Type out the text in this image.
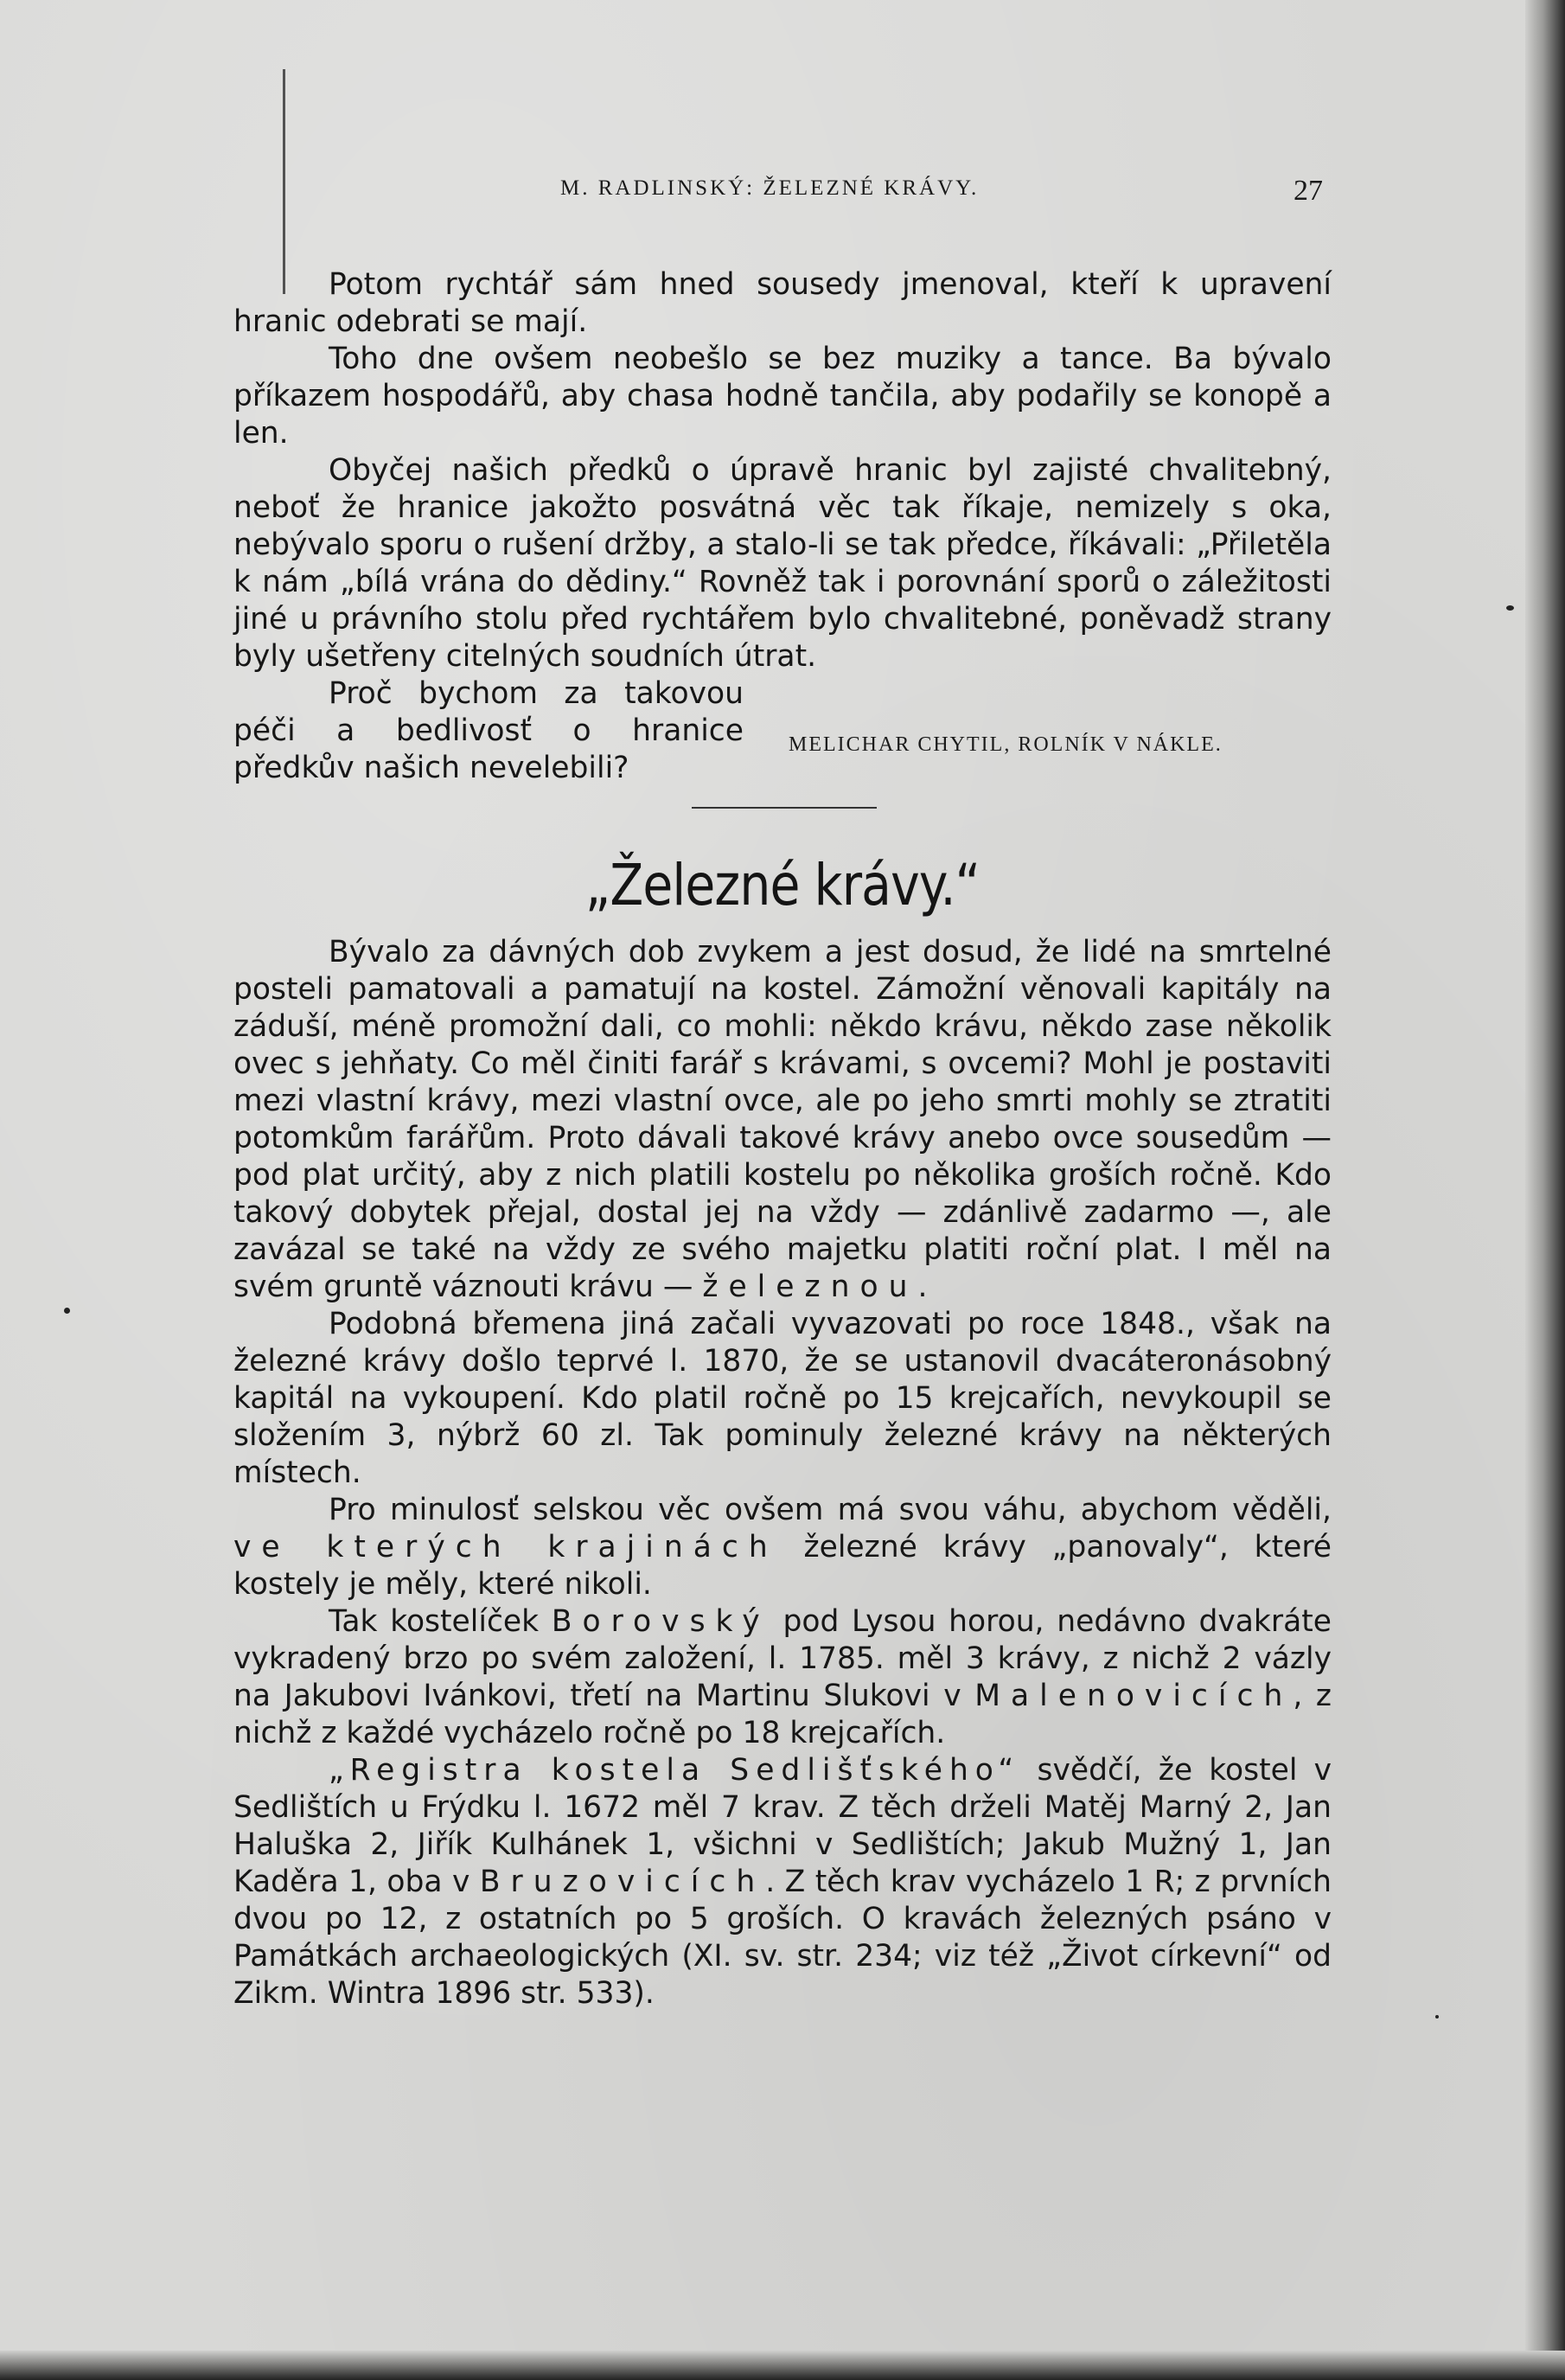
M. RADLINSKÝ: ŽELEZNÉ KRÁVY.	27

Potom rychtář sám hned sousedy jmenoval, kteří k upravení hranic odebrati se mají.

Toho dne ovšem neobešlo se bez muziky a tance. Ba bývalo příkazem hospodářů, aby chasa hodně tančila, aby podařily se konopě a len.

Obyčej našich předků o úpravě hranic byl zajisté chvalitebný, neboť že hranice jakožto posvátná věc tak říkaje, nemizely s oka, nebývalo sporu o rušení držby, a stalo-li se tak předce, říkávali: „Přiletěla k nám „bílá vrána do dědiny.“ Rovněž tak i porovnání sporů o záležitosti jiné u právního stolu před rychtářem bylo chvalitebné, poněvadž strany byly ušetřeny citelných soudních útrat.

Proč bychom za takovou péči a bedlivosť o hranice předkův našich nevelebili?

MELICHAR CHYTIL, ROLNÍK V NÁKLE.
„Železné krávy.“

Bývalo za dávných dob zvykem a jest dosud, že lidé na smrtelné posteli pamatovali a pamatují na kostel. Zámožní věnovali kapitály na záduší, méně promožní dali, co mohli: někdo krávu, někdo zase několik ovec s jehňaty. Co měl činiti farář s krávami, s ovcemi? Mohl je postaviti mezi vlastní krávy, mezi vlastní ovce, ale po jeho smrti mohly se ztratiti potomkům farářům. Proto dávali takové krávy anebo ovce sousedům — pod plat určitý, aby z nich platili kostelu po několika groších ročně. Kdo takový dobytek přejal, dostal jej na vždy — zdánlivě zadarmo —, ale zavázal se také na vždy ze svého majetku platiti roční plat. I měl na svém gruntě váznouti krávu — železnou.

Podobná břemena jiná začali vyvazovati po roce 1848., však na železné krávy došlo teprvé l. 1870, že se ustanovil dvacáteronásobný kapitál na vykoupení. Kdo platil ročně po 15 krejcařích, nevykoupil se složením 3, nýbrž 60 zl. Tak pominuly železné krávy na některých místech.

Pro minulosť selskou věc ovšem má svou váhu, abychom věděli, ve kterých krajinách železné krávy „panovaly“, které kostely je měly, které nikoli.

Tak kostelíček Borovský pod Lysou horou, nedávno dvakráte vykradený brzo po svém založení, l. 1785. měl 3 krávy, z nichž 2 vázly na Jakubovi Ivánkovi, třetí na Martinu Slukovi v Malenovicích, z nichž z každé vycházelo ročně po 18 krejcařích.

„Registra kostela Sedlišťského“ svědčí, že kostel v Sedlištích u Frýdku l. 1672 měl 7 krav. Z těch drželi Matěj Marný 2, Jan Haluška 2, Jiřík Kulhánek 1, všichni v Sedlištích; Jakub Mužný 1, Jan Kaděra 1, oba v Bruzovicích. Z těch krav vycházelo 1 R; z prvních dvou po 12, z ostatních po 5 groších. O kravách železných psáno v Památkách archaeologických (XI. sv. str. 234; viz též „Život církevní“ od Zikm. Wintra 1896 str. 533).
